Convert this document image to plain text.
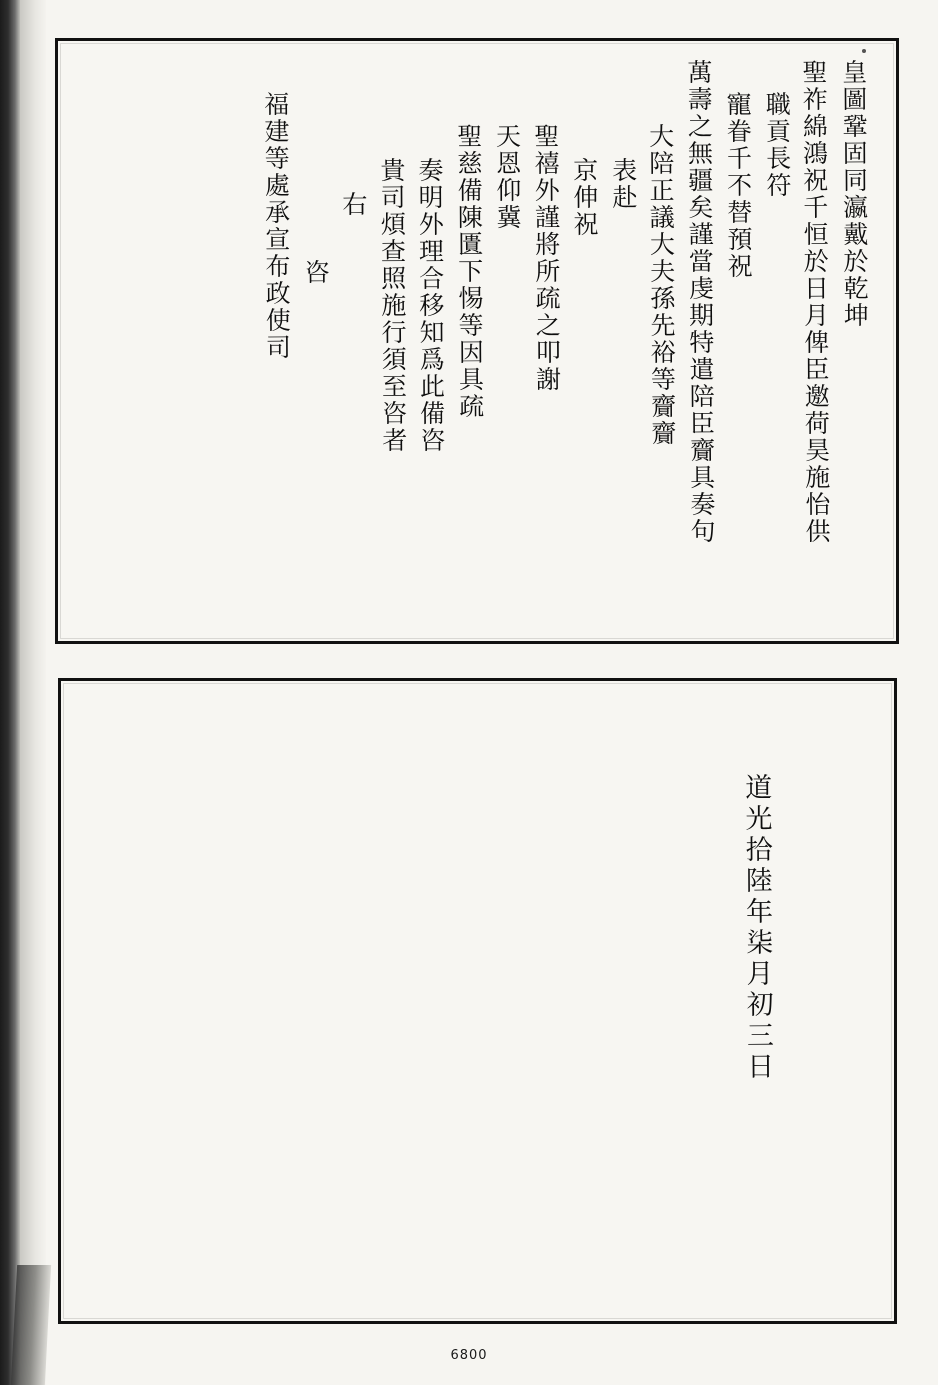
皇圖鞏固同瀛戴於乾坤
聖祚綿鴻祝千恒於日月俾臣邀荷昊施怡供
職貢長符
寵眷千不替預祝
萬壽之無疆矣謹當虔期特遣陪臣齎具奏句
大陪正議大夫孫先裕等齎齎
表赴
京伸祝
聖禧外謹將所疏之叩謝
天恩仰冀
聖慈備陳匱下惕等因具疏
奏明外理合移知爲此備咨
貴司煩查照施行須至咨者
右
咨
福建等處承宣布政使司
道光拾陸年柒月初三日
6800
